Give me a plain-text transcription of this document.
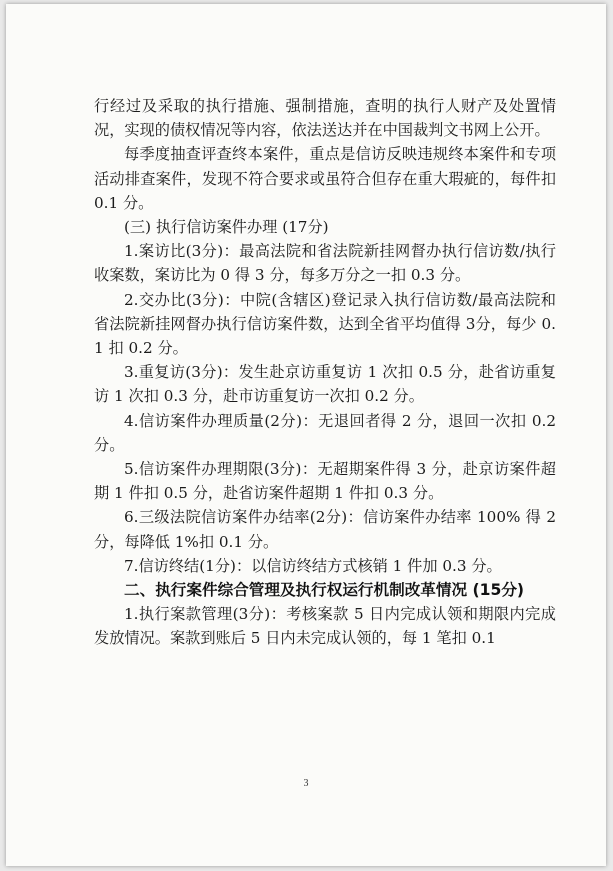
行经过及采取的执行措施、强制措施，查明的执行人财产及处置情况，实现的债权情况等内容，依法送达并在中国裁判文书网上公开。

每季度抽查评查终本案件，重点是信访反映违规终本案件和专项活动排查案件，发现不符合要求或虽符合但存在重大瑕疵的，每件扣 0.1 分。

(三) 执行信访案件办理 (17分)

1.案访比(3分)：最高法院和省法院新挂网督办执行信访数/执行收案数，案访比为 0 得 3 分，每多万分之一扣 0.3 分。

2.交办比(3分)：中院(含辖区)登记录入执行信访数/最高法院和省法院新挂网督办执行信访案件数，达到全省平均值得 3分，每少 0.1 扣 0.2 分。

3.重复访(3分)：发生赴京访重复访 1 次扣 0.5 分，赴省访重复访 1 次扣 0.3 分，赴市访重复访一次扣 0.2 分。

4.信访案件办理质量(2分)：无退回者得 2 分，退回一次扣 0.2 分。

5.信访案件办理期限(3分)：无超期案件得 3 分，赴京访案件超期 1 件扣 0.5 分，赴省访案件超期 1 件扣 0.3 分。

6.三级法院信访案件办结率(2分)：信访案件办结率 100% 得 2 分，每降低 1%扣 0.1 分。

7.信访终结(1分)：以信访终结方式核销 1 件加 0.3 分。

二、执行案件综合管理及执行权运行机制改革情况 (15分)

1.执行案款管理(3分)：考核案款 5 日内完成认领和期限内完成发放情况。案款到账后 5 日内未完成认领的，每 1 笔扣 0.1

3
